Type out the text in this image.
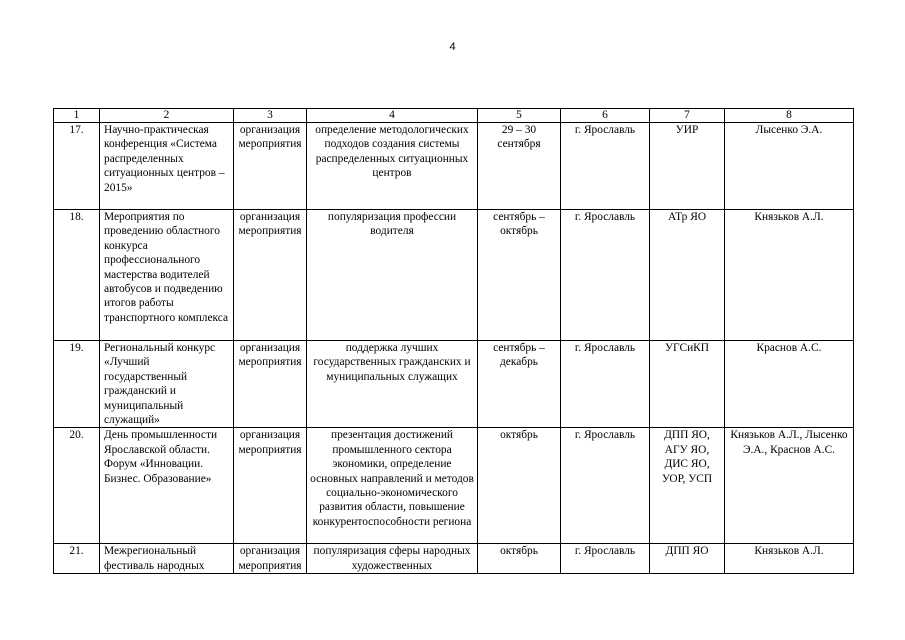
4
1	2	3	4	5	6	7	8
17.	Научно-практическая конференция «Система распределенных ситуационных центров – 2015»	организация мероприятия	определение методологических подходов создания системы распределенных ситуационных центров	29 – 30 сентября	г. Ярославль	УИР	Лысенко Э.А.
18.	Мероприятия по проведению областного конкурса профессионального мастерства водителей автобусов и подведению итогов работы транспортного комплекса	организация мероприятия	популяризация профессии водителя	сентябрь – октябрь	г. Ярославль	АТр ЯО	Князьков А.Л.
19.	Региональный конкурс «Лучший государственный гражданский и муниципальный служащий»	организация мероприятия	поддержка лучших государственных гражданских и муниципальных служащих	сентябрь – декабрь	г. Ярославль	УГСиКП	Краснов А.С.
20.	День промышленности Ярославской области. Форум «Инновации. Бизнес. Образование»	организация мероприятия	презентация достижений промышленного сектора экономики, определение основных направлений и методов социально-экономического развития области, повышение конкурентоспособности региона	октябрь	г. Ярославль	ДПП ЯО, АГУ ЯО, ДИС ЯО, УОР, УСП	Князьков А.Л., Лысенко Э.А., Краснов А.С.
21.	Межрегиональный фестиваль народных	организация мероприятия	популяризация сферы народных художественных	октябрь	г. Ярославль	ДПП ЯО	Князьков А.Л.
